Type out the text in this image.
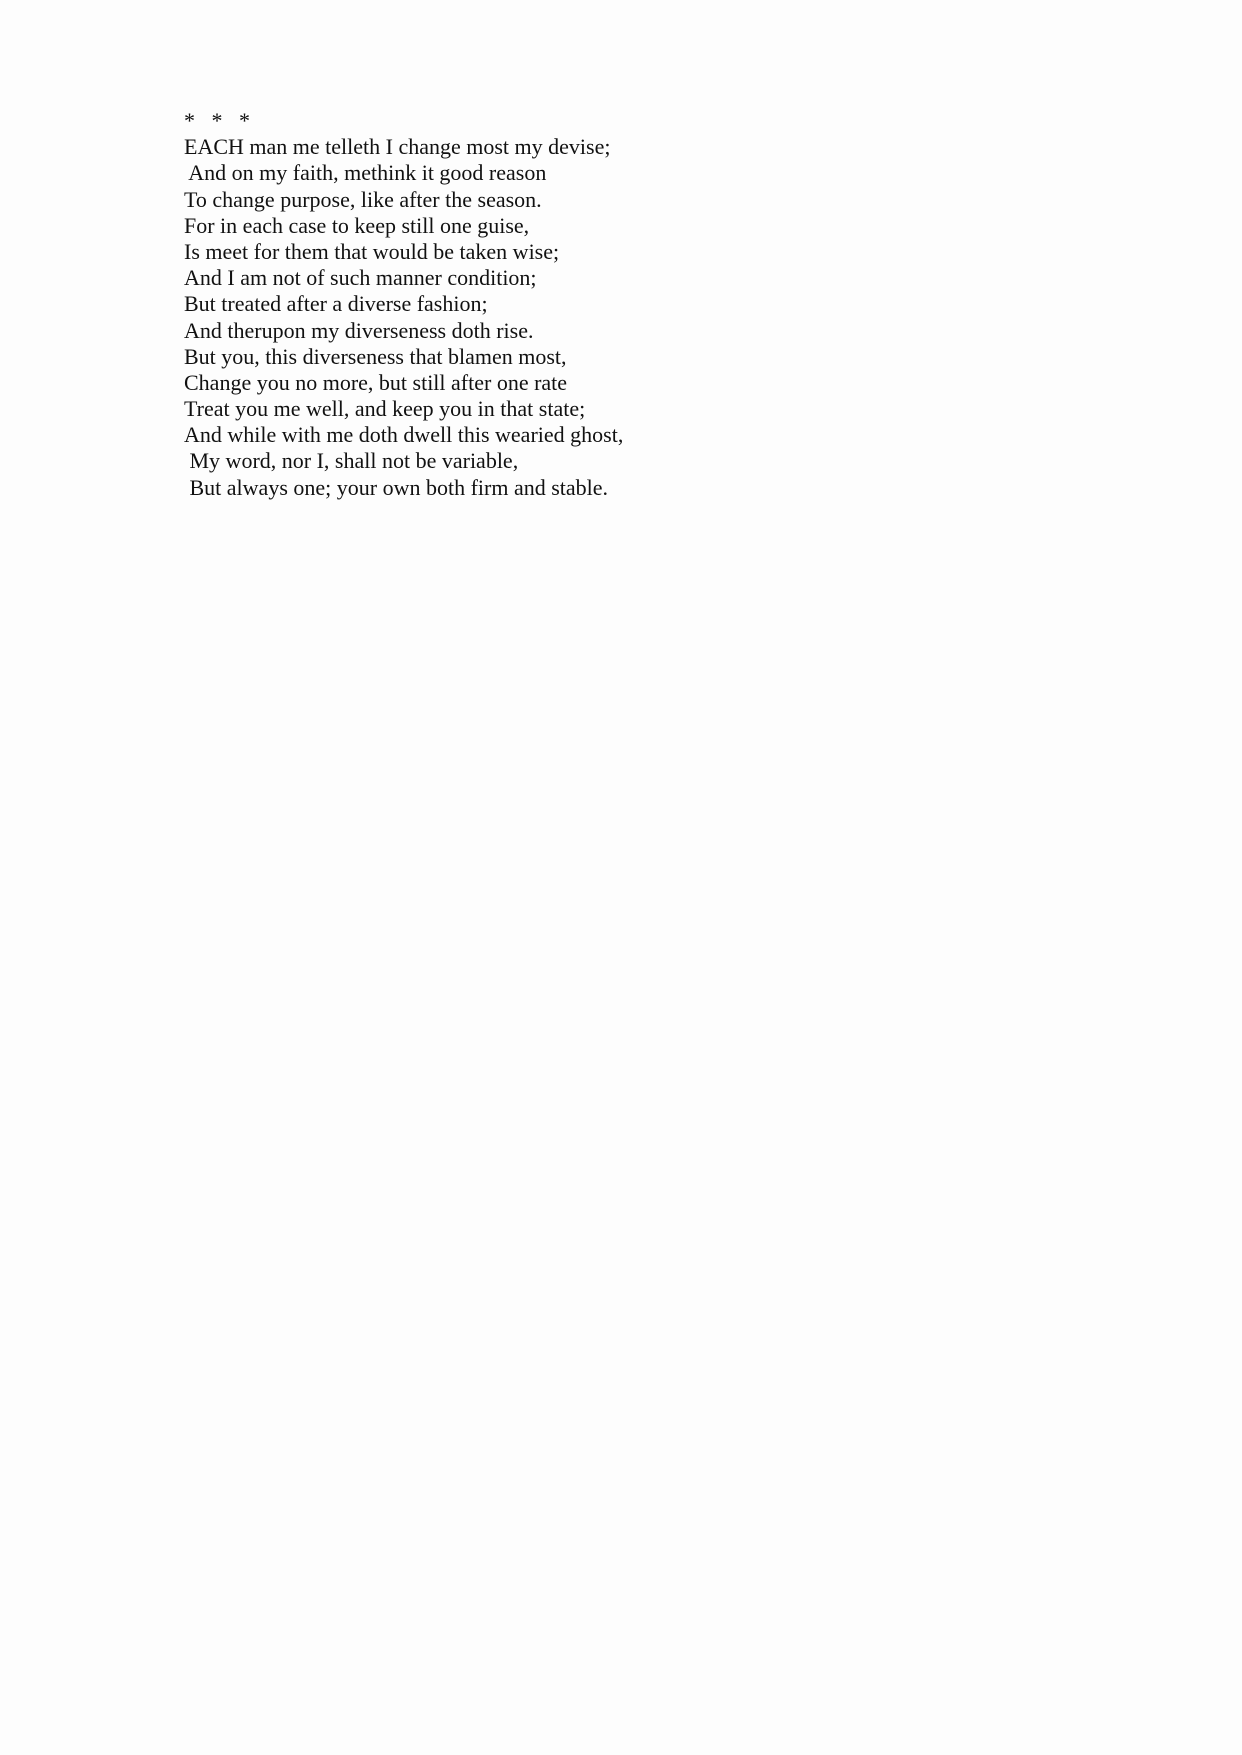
*   *   *
EACH man me telleth I change most my devise;
And on my faith, methink it good reason
To change purpose, like after the season.
For in each case to keep still one guise,
Is meet for them that would be taken wise;
And I am not of such manner condition;
But treated after a diverse fashion;
And therupon my diverseness doth rise.
But you, this diverseness that blamen most,
Change you no more, but still after one rate
Treat you me well, and keep you in that state;
And while with me doth dwell this wearied ghost,
My word, nor I, shall not be variable,
But always one; your own both firm and stable.
